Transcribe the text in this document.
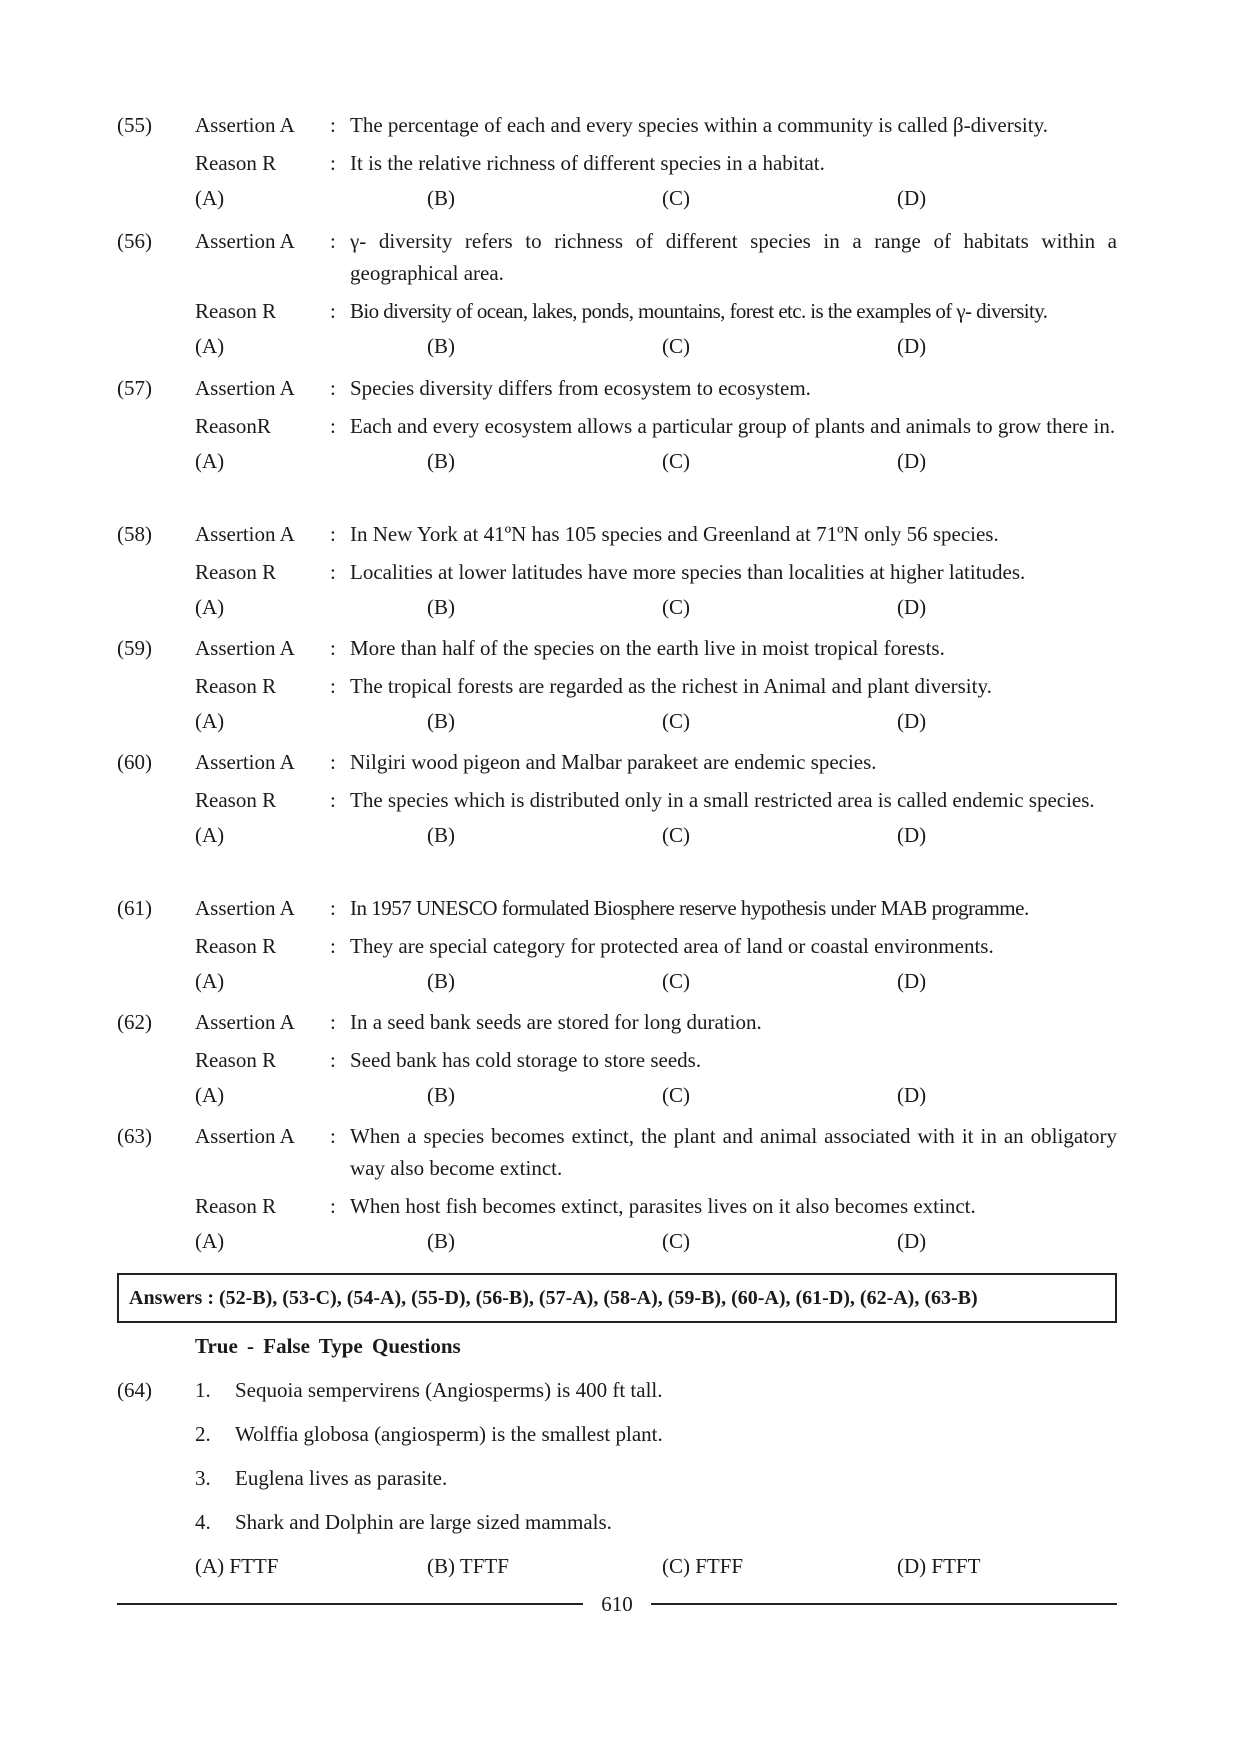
(55)	Assertion A	: The percentage of each and every species within a community is called β-diversity.
Reason R	: It is the relative richness of different species in a habitat.
(A)	(B)	(C)	(D)
(56)	Assertion A	: γ- diversity refers to richness of different species in a range of habitats within a geographical area.
Reason R	: Bio diversity of ocean, lakes, ponds, mountains, forest etc. is the examples of γ- diversity.
(A)	(B)	(C)	(D)
(57)	Assertion A	: Species diversity differs from ecosystem to ecosystem.
ReasonR	: Each and every ecosystem allows a particular group of plants and animals to grow there in.
(A)	(B)	(C)	(D)
(58)	Assertion A	: In New York at 41ºN has 105 species and Greenland at 71ºN only 56 species.
Reason R	: Localities at lower latitudes have more species than localities at higher latitudes.
(A)	(B)	(C)	(D)
(59)	Assertion A	: More than half of the species on the earth live in moist tropical forests.
Reason R	: The tropical forests are regarded as the richest in Animal and plant diversity.
(A)	(B)	(C)	(D)
(60)	Assertion A	: Nilgiri wood pigeon and Malbar parakeet are endemic species.
Reason R	: The species which is distributed only in a small restricted area is called endemic species.
(A)	(B)	(C)	(D)
(61)	Assertion A	: In 1957 UNESCO formulated Biosphere reserve hypothesis under MAB programme.
Reason R	: They are special category for protected area of land or coastal environments.
(A)	(B)	(C)	(D)
(62)	Assertion A	: In a seed bank seeds are stored for long duration.
Reason R	: Seed bank has cold storage to store seeds.
(A)	(B)	(C)	(D)
(63)	Assertion A	: When a species becomes extinct, the plant and animal associated with it in an obligatory way also become extinct.
Reason R	: When host fish becomes extinct, parasites lives on it also becomes extinct.
(A)	(B)	(C)	(D)
Answers : (52-B), (53-C), (54-A), (55-D), (56-B), (57-A), (58-A), (59-B), (60-A), (61-D), (62-A), (63-B)
True - False Type Questions
(64) 1. Sequoia sempervirens (Angiosperms) is 400 ft tall.
2. Wolffia globosa (angiosperm) is the smallest plant.
3. Euglena lives as parasite.
4. Shark and Dolphin are large sized mammals.
(A) FTTF	(B) TFTF	(C) FTFF	(D) FTFT
610
